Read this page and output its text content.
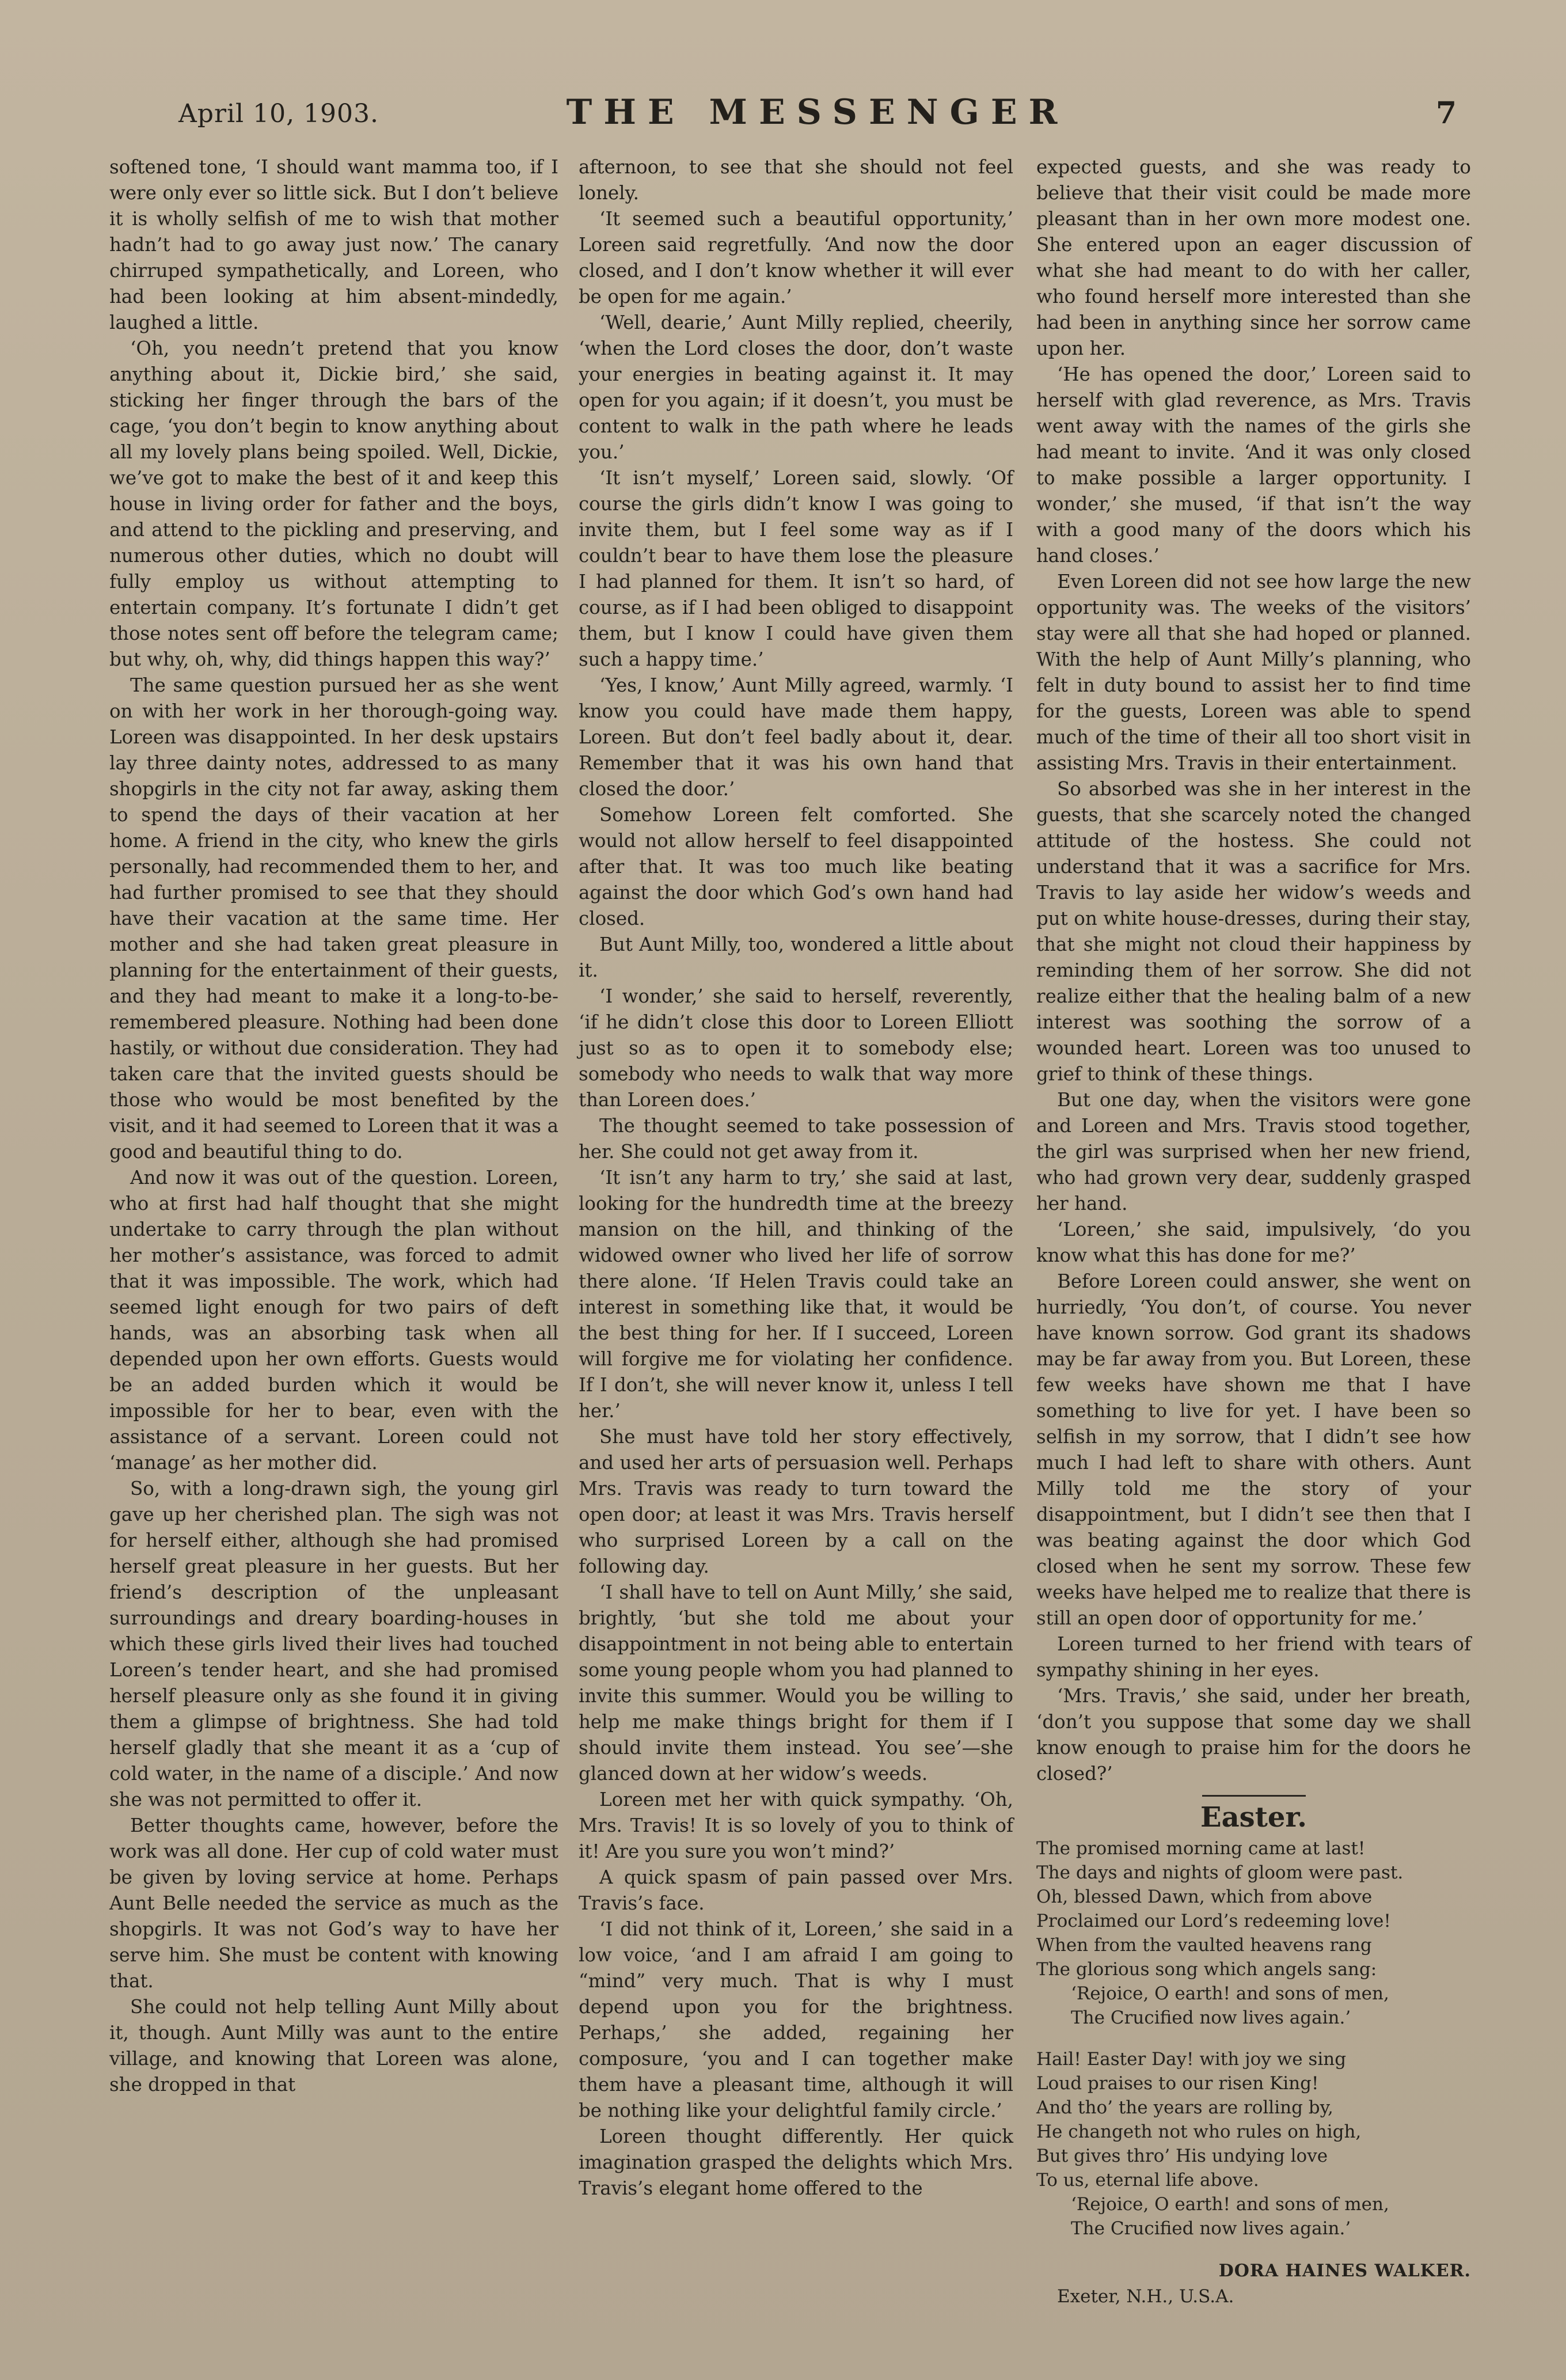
April 10, 1903.	THE MESSENGER	7

softened tone, ‘I should want mamma too, if I were only ever so little sick. But I don’t believe it is wholly selfish of me to wish that mother hadn’t had to go away just now.’ The canary chirruped sympathetically, and Loreen, who had been looking at him absent-mindedly, laughed a little.

‘Oh, you needn’t pretend that you know anything about it, Dickie bird,’ she said, sticking her finger through the bars of the cage, ‘you don’t begin to know anything about all my lovely plans being spoiled. Well, Dickie, we’ve got to make the best of it and keep this house in living order for father and the boys, and attend to the pickling and preserving, and numerous other duties, which no doubt will fully employ us without attempting to entertain company. It’s fortunate I didn’t get those notes sent off before the telegram came; but why, oh, why, did things happen this way?’

The same question pursued her as she went on with her work in her thorough-going way. Loreen was disappointed. In her desk upstairs lay three dainty notes, addressed to as many shopgirls in the city not far away, asking them to spend the days of their vacation at her home. A friend in the city, who knew the girls personally, had recommended them to her, and had further promised to see that they should have their vacation at the same time. Her mother and she had taken great pleasure in planning for the entertainment of their guests, and they had meant to make it a long-to-be-remembered pleasure. Nothing had been done hastily, or without due consideration. They had taken care that the invited guests should be those who would be most benefited by the visit, and it had seemed to Loreen that it was a good and beautiful thing to do.

And now it was out of the question. Loreen, who at first had half thought that she might undertake to carry through the plan without her mother’s assistance, was forced to admit that it was impossible. The work, which had seemed light enough for two pairs of deft hands, was an absorbing task when all depended upon her own efforts. Guests would be an added burden which it would be impossible for her to bear, even with the assistance of a servant. Loreen could not ‘manage’ as her mother did.

So, with a long-drawn sigh, the young girl gave up her cherished plan. The sigh was not for herself either, although she had promised herself great pleasure in her guests. But her friend’s description of the unpleasant surroundings and dreary boarding-houses in which these girls lived their lives had touched Loreen’s tender heart, and she had promised herself pleasure only as she found it in giving them a glimpse of brightness. She had told herself gladly that she meant it as a ‘cup of cold water, in the name of a disciple.’ And now she was not permitted to offer it.

Better thoughts came, however, before the work was all done. Her cup of cold water must be given by loving service at home. Perhaps Aunt Belle needed the service as much as the shopgirls. It was not God’s way to have her serve him. She must be content with knowing that.

She could not help telling Aunt Milly about it, though. Aunt Milly was aunt to the entire village, and knowing that Loreen was alone, she dropped in that

afternoon, to see that she should not feel lonely.

‘It seemed such a beautiful opportunity,’ Loreen said regretfully. ‘And now the door closed, and I don’t know whether it will ever be open for me again.’

‘Well, dearie,’ Aunt Milly replied, cheerily, ‘when the Lord closes the door, don’t waste your energies in beating against it. It may open for you again; if it doesn’t, you must be content to walk in the path where he leads you.’

‘It isn’t myself,’ Loreen said, slowly. ‘Of course the girls didn’t know I was going to invite them, but I feel some way as if I couldn’t bear to have them lose the pleasure I had planned for them. It isn’t so hard, of course, as if I had been obliged to disappoint them, but I know I could have given them such a happy time.’

‘Yes, I know,’ Aunt Milly agreed, warmly. ‘I know you could have made them happy, Loreen. But don’t feel badly about it, dear. Remember that it was his own hand that closed the door.’

Somehow Loreen felt comforted. She would not allow herself to feel disappointed after that. It was too much like beating against the door which God’s own hand had closed.

But Aunt Milly, too, wondered a little about it.

‘I wonder,’ she said to herself, reverently, ‘if he didn’t close this door to Loreen Elliott just so as to open it to somebody else; somebody who needs to walk that way more than Loreen does.’

The thought seemed to take possession of her. She could not get away from it.

‘It isn’t any harm to try,’ she said at last, looking for the hundredth time at the breezy mansion on the hill, and thinking of the widowed owner who lived her life of sorrow there alone. ‘If Helen Travis could take an interest in something like that, it would be the best thing for her. If I succeed, Loreen will forgive me for violating her confidence. If I don’t, she will never know it, unless I tell her.’

She must have told her story effectively, and used her arts of persuasion well. Perhaps Mrs. Travis was ready to turn toward the open door; at least it was Mrs. Travis herself who surprised Loreen by a call on the following day.

‘I shall have to tell on Aunt Milly,’ she said, brightly, ‘but she told me about your disappointment in not being able to entertain some young people whom you had planned to invite this summer. Would you be willing to help me make things bright for them if I should invite them instead. You see’—she glanced down at her widow’s weeds.

Loreen met her with quick sympathy. ‘Oh, Mrs. Travis! It is so lovely of you to think of it! Are you sure you won’t mind?’

A quick spasm of pain passed over Mrs. Travis’s face.

‘I did not think of it, Loreen,’ she said in a low voice, ‘and I am afraid I am going to “mind” very much. That is why I must depend upon you for the brightness. Perhaps,’ she added, regaining her composure, ‘you and I can together make them have a pleasant time, although it will be nothing like your delightful family circle.’

Loreen thought differently. Her quick imagination grasped the delights which Mrs. Travis’s elegant home offered to the

expected guests, and she was ready to believe that their visit could be made more pleasant than in her own more modest one. She entered upon an eager discussion of what she had meant to do with her caller, who found herself more interested than she had been in anything since her sorrow came upon her.

‘He has opened the door,’ Loreen said to herself with glad reverence, as Mrs. Travis went away with the names of the girls she had meant to invite. ‘And it was only closed to make possible a larger opportunity. I wonder,’ she mused, ‘if that isn’t the way with a good many of the doors which his hand closes.’

Even Loreen did not see how large the new opportunity was. The weeks of the visitors’ stay were all that she had hoped or planned. With the help of Aunt Milly’s planning, who felt in duty bound to assist her to find time for the guests, Loreen was able to spend much of the time of their all too short visit in assisting Mrs. Travis in their entertainment.

So absorbed was she in her interest in the guests, that she scarcely noted the changed attitude of the hostess. She could not understand that it was a sacrifice for Mrs. Travis to lay aside her widow’s weeds and put on white house-dresses, during their stay, that she might not cloud their happiness by reminding them of her sorrow. She did not realize either that the healing balm of a new interest was soothing the sorrow of a wounded heart. Loreen was too unused to grief to think of these things.

But one day, when the visitors were gone and Loreen and Mrs. Travis stood together, the girl was surprised when her new friend, who had grown very dear, suddenly grasped her hand.

‘Loreen,’ she said, impulsively, ‘do you know what this has done for me?’

Before Loreen could answer, she went on hurriedly, ‘You don’t, of course. You never have known sorrow. God grant its shadows may be far away from you. But Loreen, these few weeks have shown me that I have something to live for yet. I have been so selfish in my sorrow, that I didn’t see how much I had left to share with others. Aunt Milly told me the story of your disappointment, but I didn’t see then that I was beating against the door which God closed when he sent my sorrow. These few weeks have helped me to realize that there is still an open door of opportunity for me.’

Loreen turned to her friend with tears of sympathy shining in her eyes.

‘Mrs. Travis,’ she said, under her breath, ‘don’t you suppose that some day we shall know enough to praise him for the doors he closed?’

Easter.
The promised morning came at last!
The days and nights of gloom were past.
Oh, blessed Dawn, which from above
Proclaimed our Lord’s redeeming love!
When from the vaulted heavens rang
The glorious song which angels sang:
‘Rejoice, O earth! and sons of men,
The Crucified now lives again.’
Hail! Easter Day! with joy we sing
Loud praises to our risen King!
And tho’ the years are rolling by,
He changeth not who rules on high,
But gives thro’ His undying love
To us, eternal life above.
‘Rejoice, O earth! and sons of men,
The Crucified now lives again.’

DORA HAINES WALKER.

Exeter, N.H., U.S.A.
